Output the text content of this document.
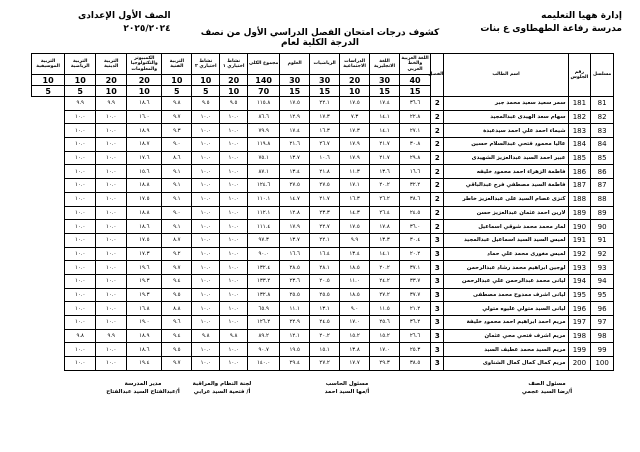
إدارة ههيا التعليمه
مدرسة رفاعة الطهطاوى ع بنات
كشوف درجات امتحان الفصل الدراسي الأول من نصف الدرجة الكلية لعام
الصف الأول الإعدادى
٢٠٢٥/٢٠٢٤
مسلسل	رقم الجلوس	اسم الطالب	الفصل	اللغة العربية والخط العربي	اللغة الانجليزية	الدراسات الاجتماعية	الرياضيات	العلوم	مجموع الكلي	نشاط اختياري ١	نشاط اختياري ٢	التربية الفنية	الكمبيوتر والتكنولوجيا والمعلومات	التربية الدينية	التربية الرياضية	التربية الموسيقية
				40	30	20	30	30	140	20	10	10	20	20	10	10
				15	15	10	15	15	70	10	5	5	10	10	5	5
81	181	سمر سعيد سعيد محمد جبر	2	٣٦.٦	١٧.٤	١٧.٥	٢٢.١	١٧.٥	١١٥.٨	٩.٥	٩.٥	٩.٨	١٨.٦	٩.٩	٩.٩	
82	182	سهام سعد الهيدى عبدالمجيد	2	٢٢.٨	١٤.١	٧.٣	١٧.٣	١٢.٩	٨٦.٦	١٠.٠	١٠.٠	٩.٧	١٦.٠	١٠.٠	١٠.٠	
83	183	شيماء احمد علي احمد سيدعبدة	2	٢٧.١	١٤.١	١٧.٣	١٦.٣	١٧.٤	٧٩.٩	١٠.٠	١٠.٠	٩.٣	١٨.٩	١٠.٠	١٠.٠	
84	184	عاليا محمود فتحي عبدالسلام حسين	2	٣٠.٨	٢١.٧	١٧.٩	٢٦.٧	٢١.٦	١١٩.٨	١٠.٠	١٠.٠	٩.٠	١٨.٧	١٠.٠	١٠.٠	
85	185	عبير احمد السيد عبدالعزيز الشهيدى	2	٢٩.٨	٢١.٧	١٧.٩	١٠.٦	١٣.٧	٧٥.١	١٠.٠	١٠.٠	٨.٦	١٧.٦	١٠.٠	١٠.٠	
86	186	فاطمة الزهراء احمد محمود خليفه	2	١٦.٦	١٣.٦	١١.٣	٢١.٨	١٣.٤	٨٧.١	١٠.٠	١٠.٠	٩.١	١٥.٦	١٠.٠	١٠.٠	
87	187	فاطمة السيد مصطفي فرج عبدالباقي	2	٣٢.٢	٢٠.٢	١٧.١	٢٧.٥	٢٧.٥	١٢٤.٦	١٠.٠	١٠.٠	٩.١	١٨.٨	١٠.٠	١٠.٠	
88	188	كنزى عصام السيد على عبدالعزيز خاطر	2	٣٨.٦	٢٦.٢	١٦.٣	٢١.٧	١٤.٧	١١٠.١	١٠.٠	١٠.٠	٩.١	١٧.٥	١٠.٠	١٠.٠	
89	189	لارين احمد عثمان عبدالعزيز حسن	2	٢٤.٥	٢٦.٤	١٤.٣	٢٣.٣	١٢.٨	١١٢.١	١٠.٠	١٠.٠	٩.٠	١٨.٨	١٠.٠	١٠.٠	
90	190	لمار محمد محمد شوقي اسماعيل	2	٣٦.٠	١٧.٨	١٧.٥	٢٢.٧	١٧.٩	١١١.٤	١٠.٠	١٠.٠	٩.١	١٨.٦	١٠.٠	١٠.٠	
91	191	لميس السيد السيد اسماعيل عبدالمجيد	3	٣٠.٤	١٣.٣	٩.٩	٢٢.١	١٣.٧	٩٧.٣	١٠.٠	١٠.٠	٨.٧	١٧.٥	١٠.٠	١٠.٠	
92	192	لميس مغورى محمد علي حماد	3	٢٠.٢	١٤.١	١٣.٤	١٦.٤	١٦.٦	٩٠.٠	١٠.٠	١٠.٠	٩.٢	١٧.٣	١٠.٠	١٠.٠	
93	193	لوجين ابراهيم محمد رشاد عبدالرحمن	3	٣٧.١	٢٠.٢	١٨.٥	٢٨.١	٢٨.٥	١٣٢.٤	١٠.٠	١٠.٠	٩.٧	١٩.٦	١٠.٠	١٠.٠	
94	194	ليانى محمد عبدالرحمن علي عبدالرحمن	3	٣٣.٧	٢٤.٢	١١.٠	٢٠.٥	٢٣.٦	١٣٣.٢	١٠.٠	١٠.٠	٩.٤	١٩.٣	١٠.٠	١٠.٠	
95	195	ليانى اشرف ممدوح محمد مصطفى	3	٣٧.٧	٢٧.٢	١٨.٥	٢٥.٥	٢٥.٥	١٣٢.٨	١٠.٠	١٠.٠	٩.٥	١٩.٣	١٠.٠	١٠.٠	
96	196	ليانى السيد متولي عليوه متولي	3	٢١.٢	١١.٥	٩.٠	١٣.١	١١.١	٦٥.٩	١٠.٠	١٠.٠	٨.٨	١٦.٨	١٠.٠	١٠.٠	
97	197	مريم احمد ابراهيم احمد محمود خليفة	3	٣٦.٢	٢٥.٦	١٧.٠	٢٤.٥	٢٢.٩	١٢٦.٢	١٠.٠	١٠.٠	٩.٦	١٩.٠	١٠.٠	١٠.٠	
98	198	مريم اشرف فتحي محي عثمان	3	٢٦.٦	١٥.٢	١٥.٢	٢٠.٢	١٢.١	٨٩.٢	٩.٨	٩.٨	٩.٤	١٨.٩	٩.٩	٩.٨	
99	199	مريم السيد محمد عطيف السيد	3	٢٥.٣	١٧.٠	١٣.٨	١٥.١	١٩.٥	٩٠.٧	١٠.٠	١٠.٠	٩.٥	١٨.٦	١٠.٠	١٠.٠	
100	200	مريم كمال كمال كمال الشناوى	3	٣٨.٥	٢٩.٣	١٧.٧	٢٧.٢	٢٩.٤	١٤٠.٠	١٠.٠	١٠.٠	٩.٧	١٩.٤	١٠.٠	١٠.٠	
مسئول الصف
أ/رضا السيد عجمي
مسئول الحاسب
أ/مها السيد احمد
لجنة النظام والمراقبة
أ/ فتحية السيد عرابي
مدير المدرسة
أ/عبدالفتاح السيد عبدالفتاح
